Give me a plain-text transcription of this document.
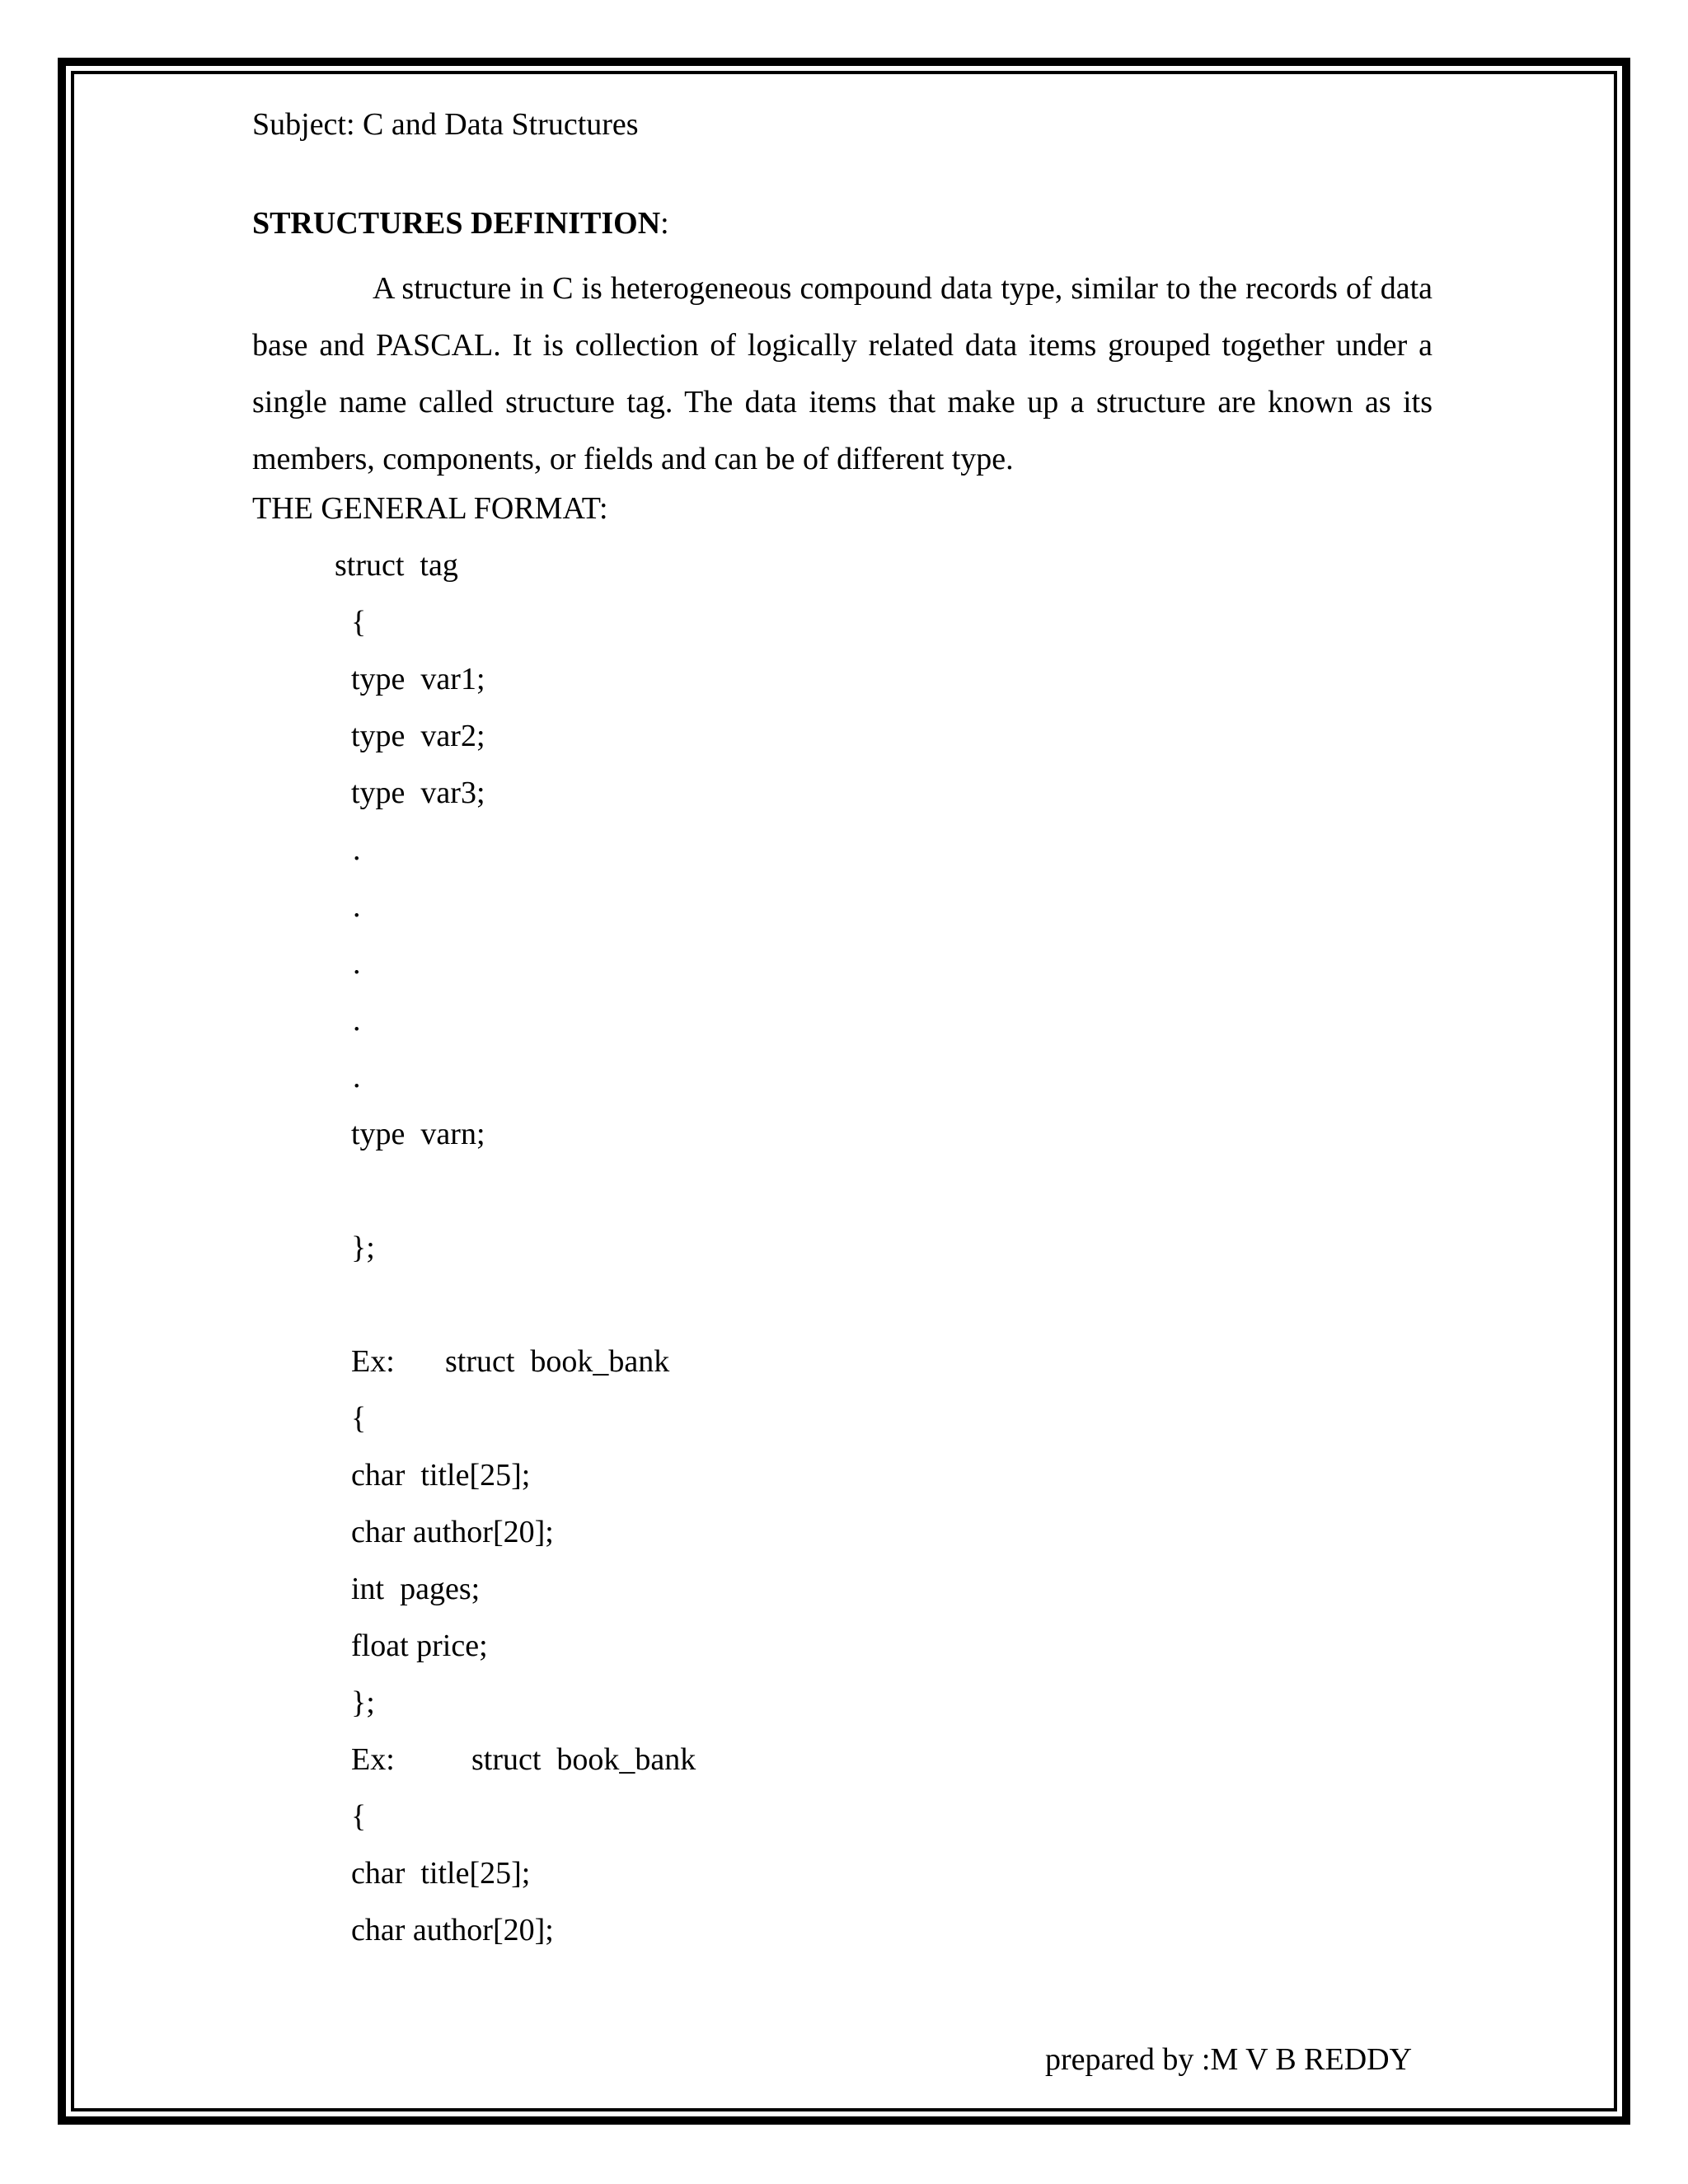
Subject: C and Data Structures

STRUCTURES DEFINITION:

A structure in C is heterogeneous compound data type, similar to the records of data base and PASCAL. It is collection of logically related data items grouped together under a single name called structure tag. The data items that make up a structure are known as its members, components, or fields and can be of different type.

THE GENERAL FORMAT:

struct  tag

{

type  var1;

type  var2;

type  var3;

.

.

.

.

.

type  varn;

};

Ex: struct  book_bank

{

char  title[25];

char author[20];

int  pages;

float price;

};

Ex: struct  book_bank

{

char  title[25];

char author[20];

prepared by :M V B REDDY
